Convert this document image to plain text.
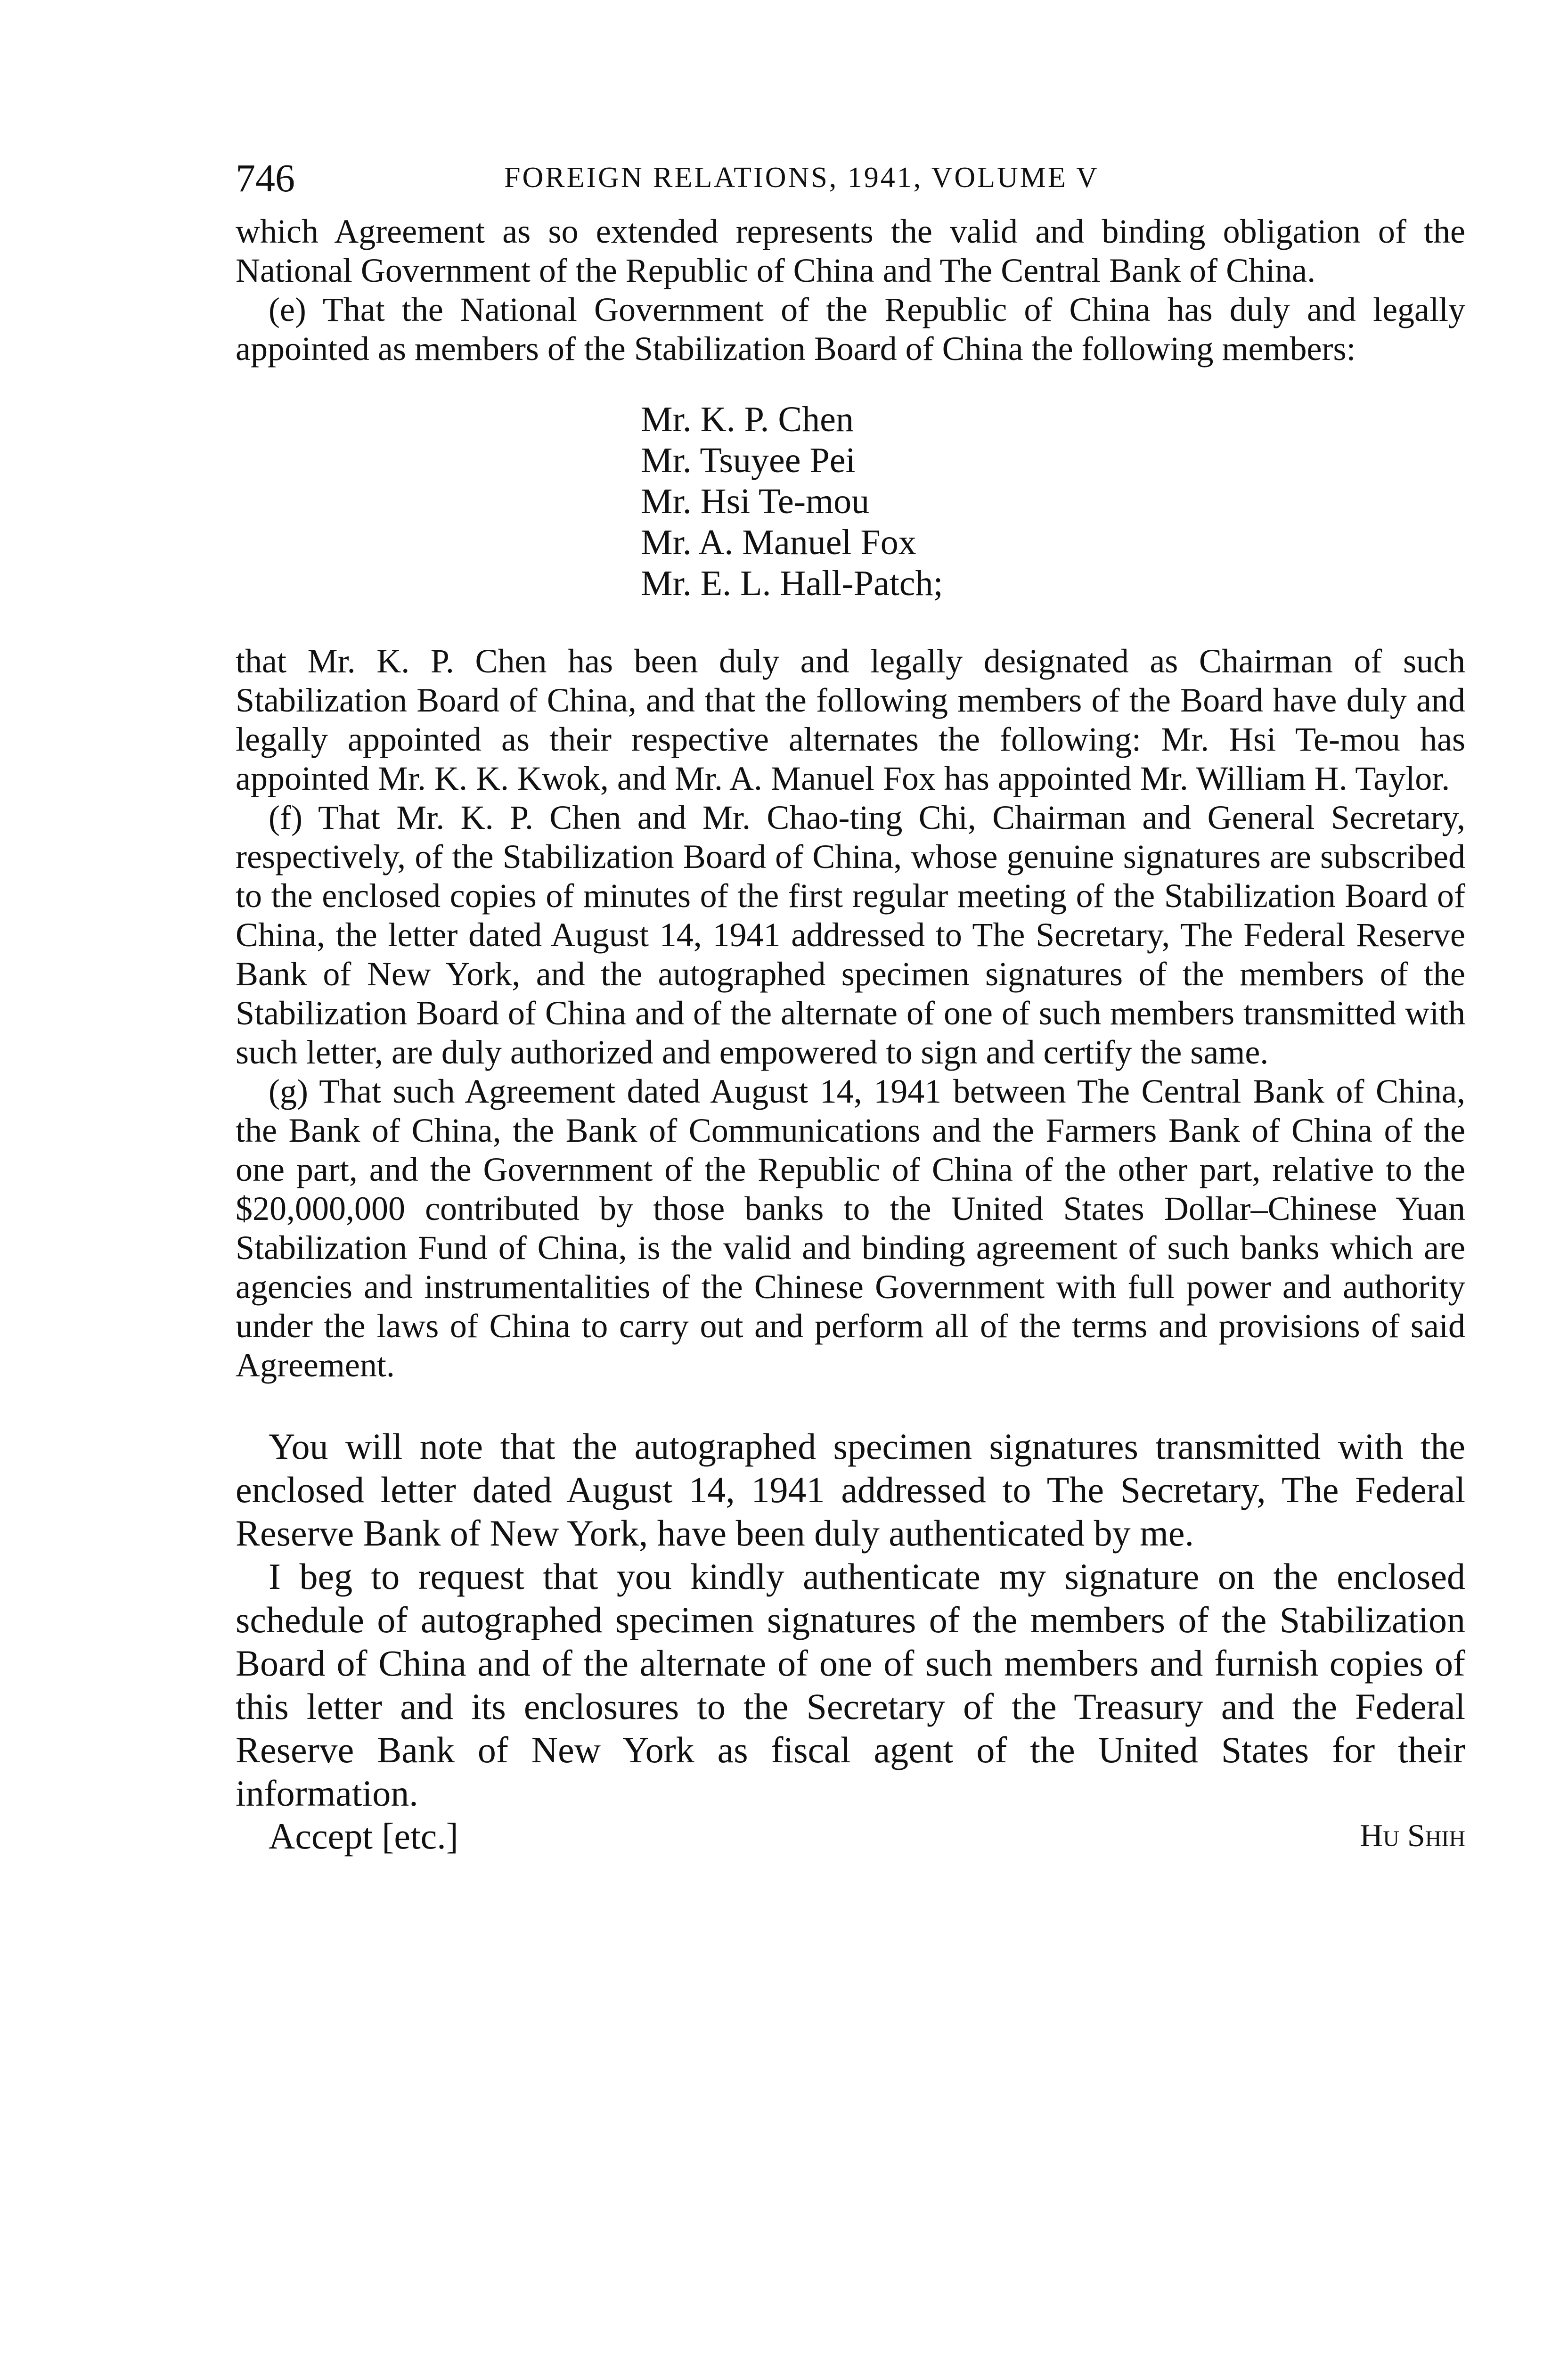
746	FOREIGN RELATIONS, 1941, VOLUME V

which Agreement as so extended represents the valid and binding obligation of the National Government of the Republic of China and The Central Bank of China.

(e) That the National Government of the Republic of China has duly and legally appointed as members of the Stabilization Board of China the following members:

Mr. K. P. Chen
Mr. Tsuyee Pei
Mr. Hsi Te-mou
Mr. A. Manuel Fox
Mr. E. L. Hall-Patch;

that Mr. K. P. Chen has been duly and legally designated as Chairman of such Stabilization Board of China, and that the following members of the Board have duly and legally appointed as their respective alternates the following: Mr. Hsi Te-mou has appointed Mr. K. K. Kwok, and Mr. A. Manuel Fox has appointed Mr. William H. Taylor.

(f) That Mr. K. P. Chen and Mr. Chao-ting Chi, Chairman and General Secretary, respectively, of the Stabilization Board of China, whose genuine signatures are subscribed to the enclosed copies of minutes of the first regular meeting of the Stabilization Board of China, the letter dated August 14, 1941 addressed to The Secretary, The Federal Reserve Bank of New York, and the autographed specimen signatures of the members of the Stabilization Board of China and of the alternate of one of such members transmitted with such letter, are duly authorized and empowered to sign and certify the same.

(g) That such Agreement dated August 14, 1941 between The Central Bank of China, the Bank of China, the Bank of Communications and the Farmers Bank of China of the one part, and the Government of the Republic of China of the other part, relative to the $20,000,000 contributed by those banks to the United States Dollar–Chinese Yuan Stabilization Fund of China, is the valid and binding agreement of such banks which are agencies and instrumentalities of the Chinese Government with full power and authority under the laws of China to carry out and perform all of the terms and provisions of said Agreement.

You will note that the autographed specimen signatures transmitted with the enclosed letter dated August 14, 1941 addressed to The Secretary, The Federal Reserve Bank of New York, have been duly authenticated by me.

I beg to request that you kindly authenticate my signature on the enclosed schedule of autographed specimen signatures of the members of the Stabilization Board of China and of the alternate of one of such members and furnish copies of this letter and its enclosures to the Secretary of the Treasury and the Federal Reserve Bank of New York as fiscal agent of the United States for their information.

Accept [etc.]	Hu Shih
